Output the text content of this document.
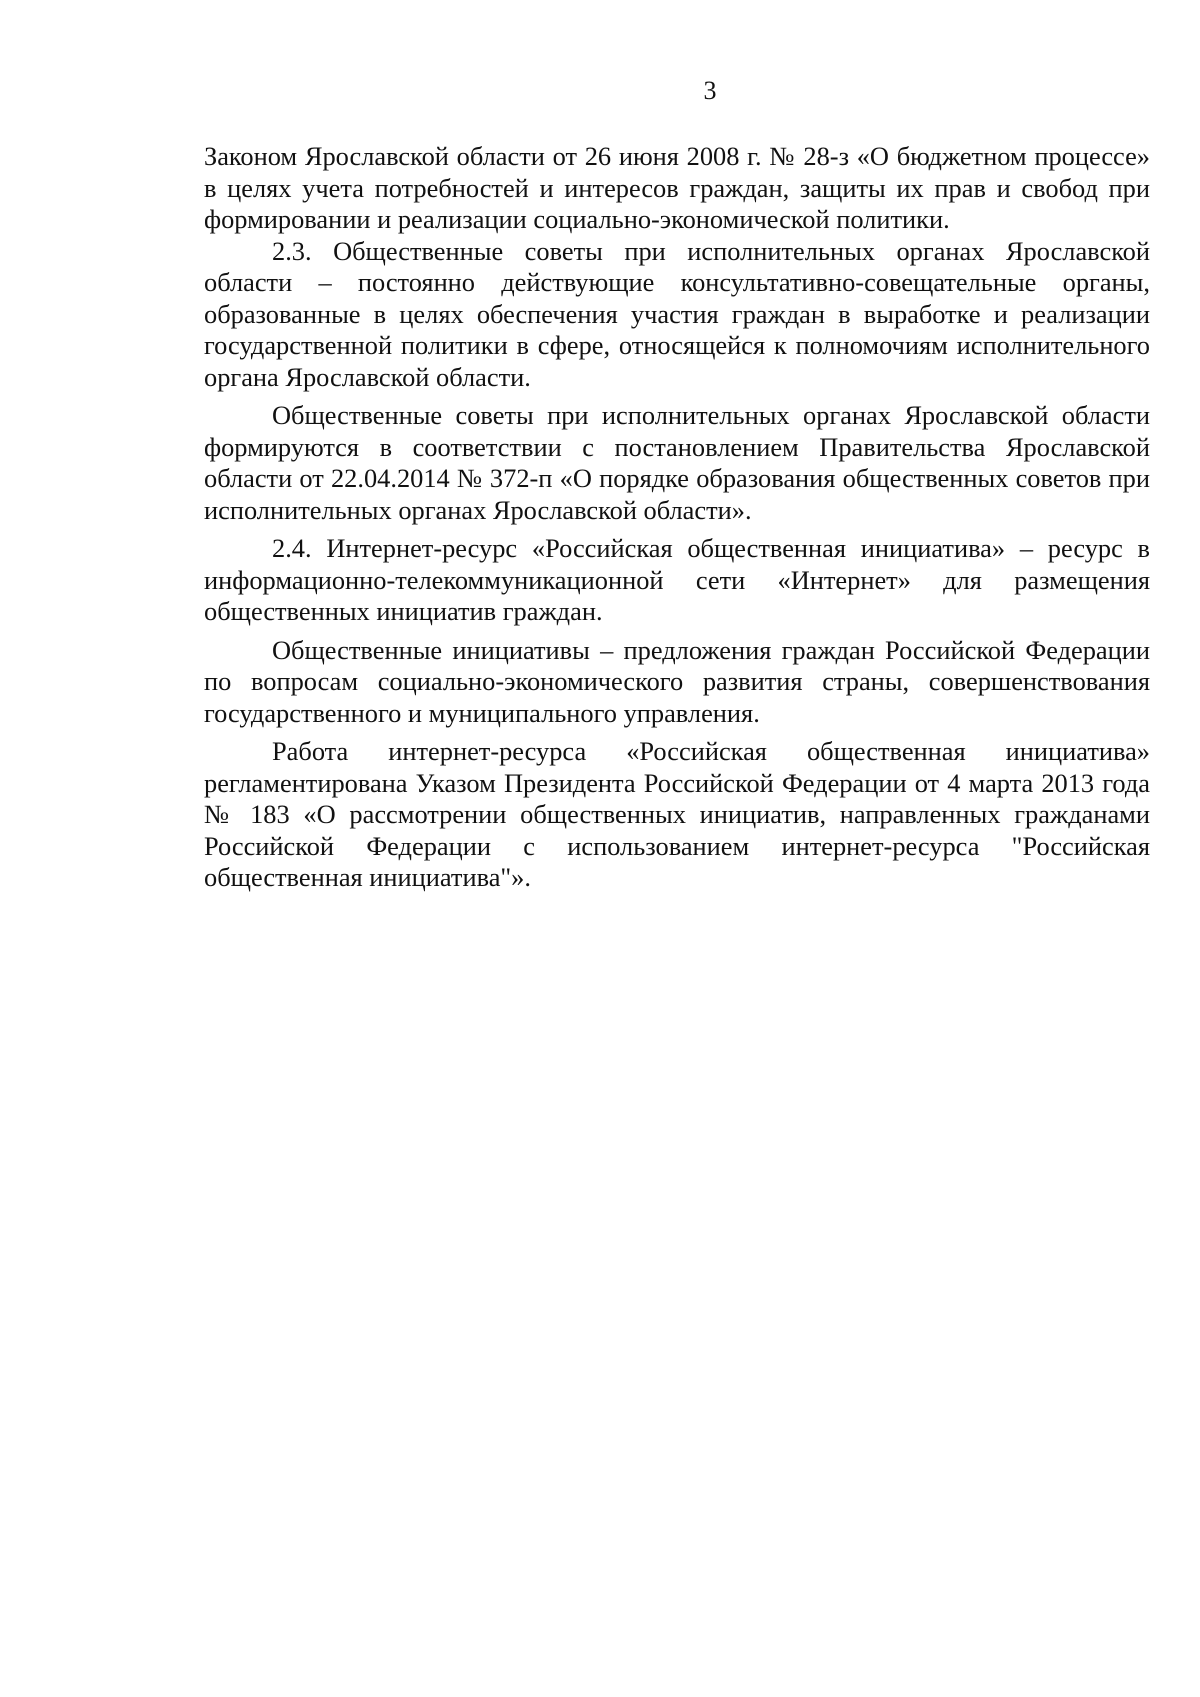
3

Законом Ярославской области от 26 июня 2008 г. № 28-з «О бюджетном процессе» в целях учета потребностей и интересов граждан, защиты их прав и свобод при формировании и реализации социально-экономической политики.

2.3. Общественные советы при исполнительных органах Ярославской области – постоянно действующие консультативно-совещательные органы, образованные в целях обеспечения участия граждан в выработке и реализации государственной политики в сфере, относящейся к полномочиям исполнительного органа Ярославской области.

Общественные советы при исполнительных органах Ярославской области формируются в соответствии с постановлением Правительства Ярославской области от 22.04.2014 № 372-п «О порядке образования общественных советов при исполнительных органах Ярославской области».

2.4. Интернет-ресурс «Российская общественная инициатива» – ресурс в информационно-телекоммуникационной сети «Интернет» для размещения общественных инициатив граждан.

Общественные инициативы – предложения граждан Российской Федерации по вопросам социально-экономического развития страны, совершенствования государственного и муниципального управления.

Работа интернет-ресурса «Российская общественная инициатива» регламентирована Указом Президента Российской Федерации от 4 марта 2013 года № 183 «О рассмотрении общественных инициатив, направленных гражданами Российской Федерации с использованием интернет-ресурса "Российская общественная инициатива"».
